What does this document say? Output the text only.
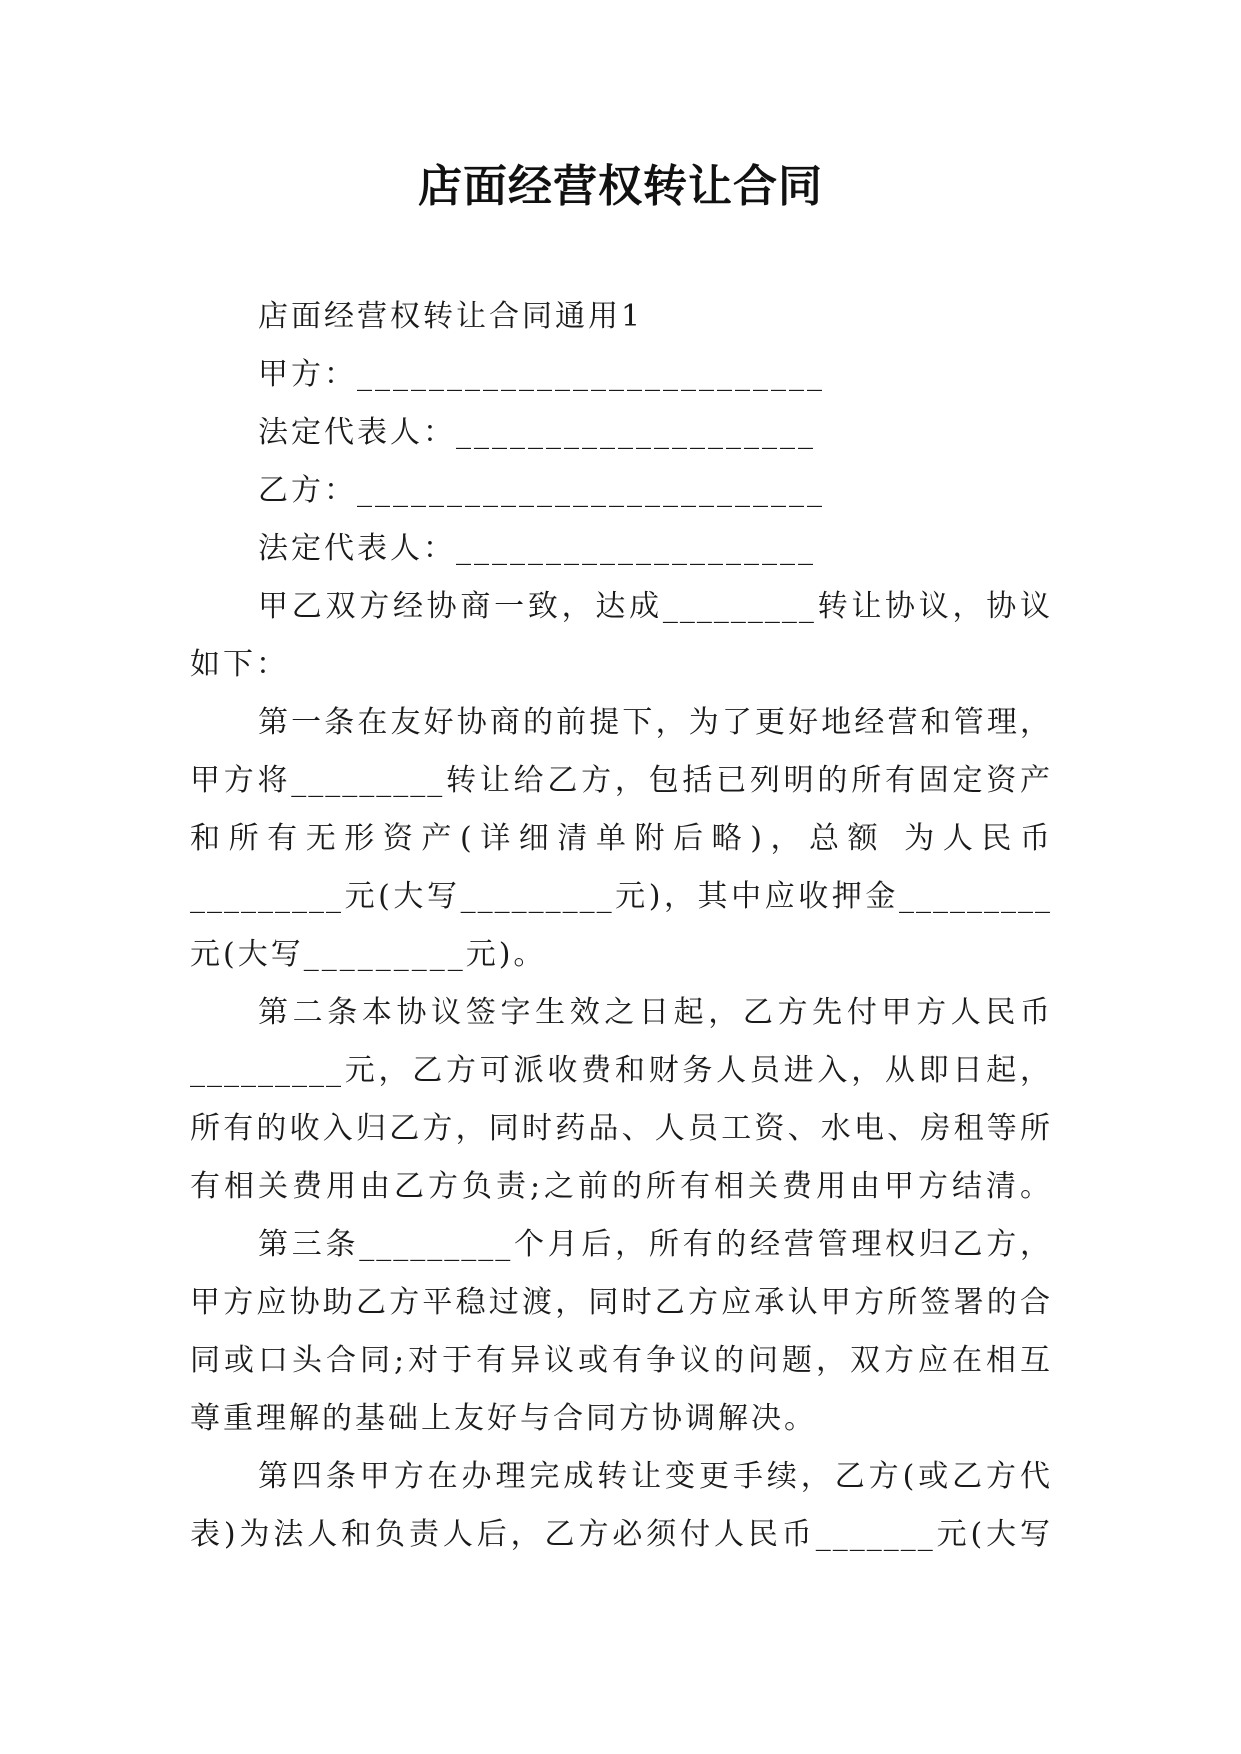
店面经营权转让合同
店面经营权转让合同通用1
甲方：__________________________
法定代表人：____________________
乙方：__________________________
法定代表人：____________________
甲乙双方经协商一致，达成_________转让协议，协议
如下：
第一条在友好协商的前提下，为了更好地经营和管理，
甲方将_________转让给乙方，包括已列明的所有固定资产
和所有无形资产(详细清单附后略)，总额 为人民币
_________元(大写_________元)，其中应收押金_________
元(大写_________元)。
第二条本协议签字生效之日起，乙方先付甲方人民币
_________元，乙方可派收费和财务人员进入，从即日起，
所有的收入归乙方，同时药品、人员工资、水电、房租等所
有相关费用由乙方负责;之前的所有相关费用由甲方结清。
第三条_________个月后，所有的经营管理权归乙方，
甲方应协助乙方平稳过渡，同时乙方应承认甲方所签署的合
同或口头合同;对于有异议或有争议的问题，双方应在相互
尊重理解的基础上友好与合同方协调解决。
第四条甲方在办理完成转让变更手续，乙方(或乙方代
表)为法人和负责人后，乙方必须付人民币_______元(大写
